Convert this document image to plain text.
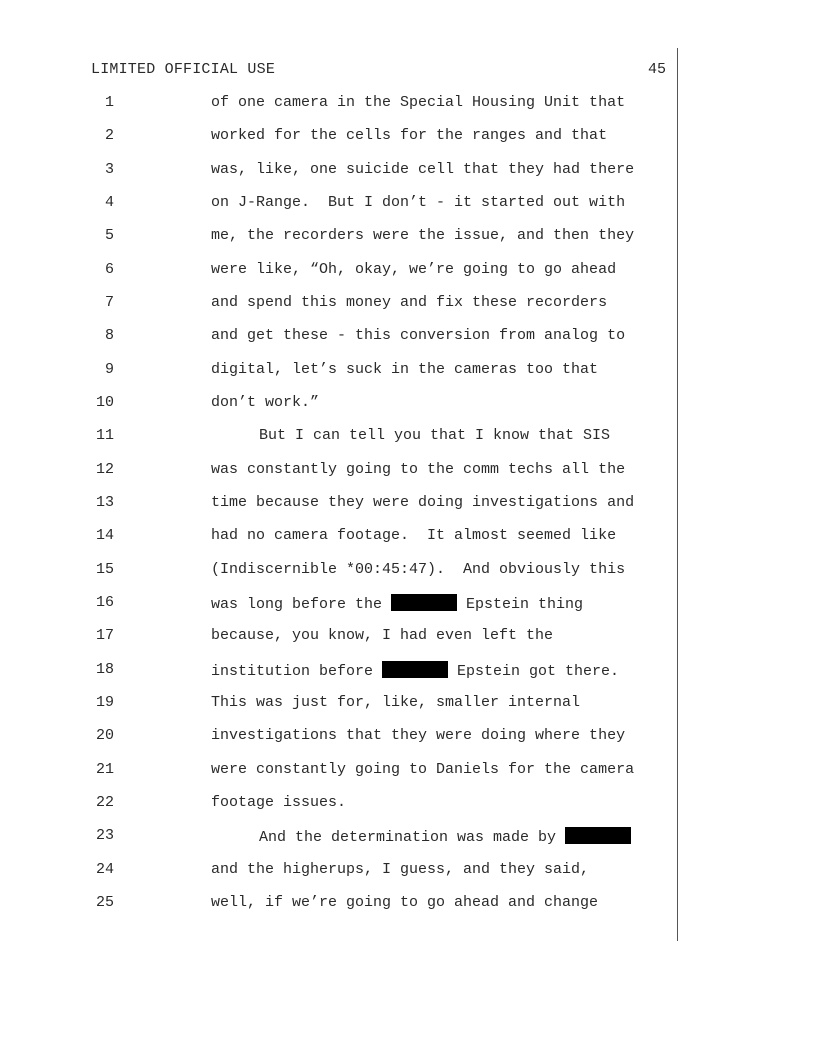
LIMITED OFFICIAL USE	45
1	of one camera in the Special Housing Unit that
2	worked for the cells for the ranges and that
3	was, like, one suicide cell that they had there
4	on J-Range.  But I don’t - it started out with
5	me, the recorders were the issue, and then they
6	were like, “Oh, okay, we’re going to go ahead
7	and spend this money and fix these recorders
8	and get these - this conversion from analog to
9	digital, let’s suck in the cameras too that
10	don’t work.”
11	But I can tell you that I know that SIS
12	was constantly going to the comm techs all the
13	time because they were doing investigations and
14	had no camera footage.  It almost seemed like
15	(Indiscernible *00:45:47).  And obviously this
16	was long before the	Epstein thing
17	because, you know, I had even left the
18	institution before	Epstein got there.
19	This was just for, like, smaller internal
20	investigations that they were doing where they
21	were constantly going to Daniels for the camera
22	footage issues.
23	And the determination was made by
24	and the higherups, I guess, and they said,
25	well, if we’re going to go ahead and change
